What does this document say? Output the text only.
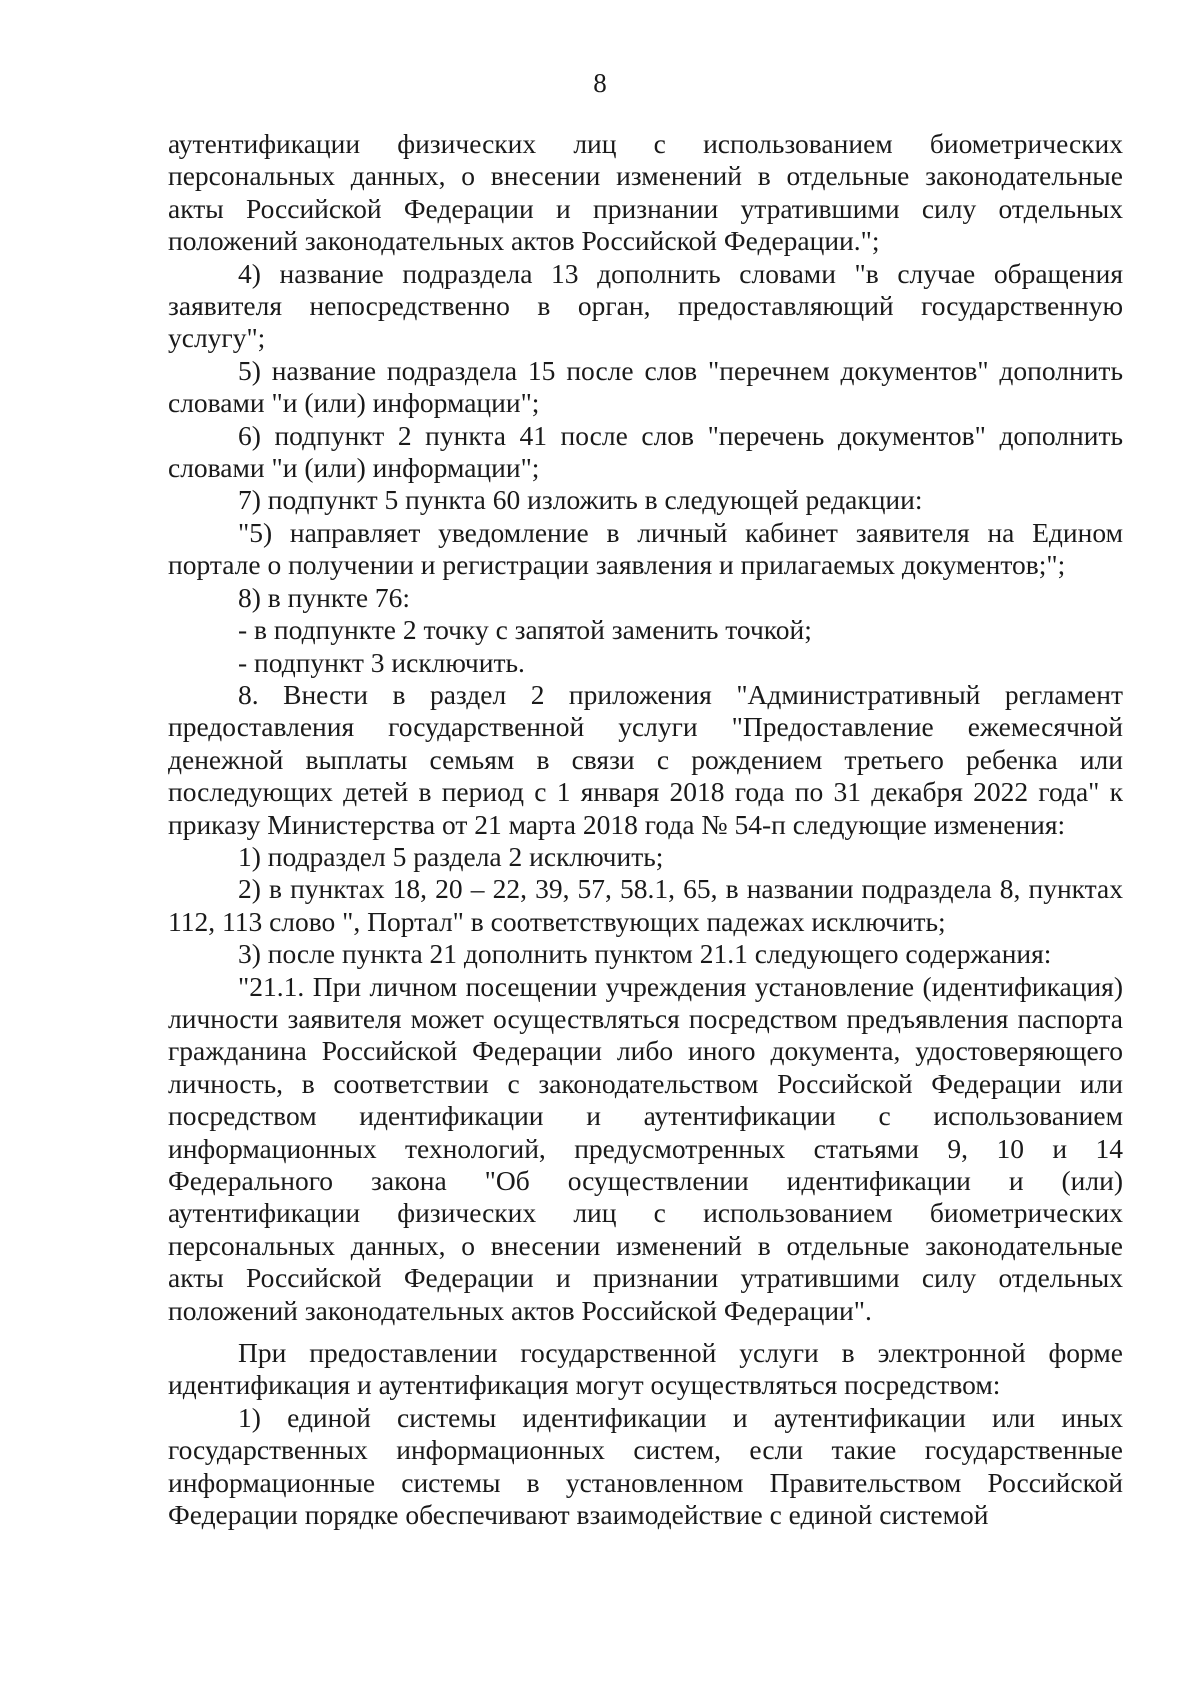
8

аутентификации физических лиц с использованием биометрических персональных данных, о внесении изменений в отдельные законодательные акты Российской Федерации и признании утратившими силу отдельных положений законодательных актов Российской Федерации.";

4) название подраздела 13 дополнить словами "в случае обращения заявителя непосредственно в орган, предоставляющий государственную услугу";

5) название подраздела 15 после слов "перечнем документов" дополнить словами "и (или) информации";

6) подпункт 2 пункта 41 после слов "перечень документов" дополнить словами "и (или) информации";

7) подпункт 5 пункта 60 изложить в следующей редакции:

"5) направляет уведомление в личный кабинет заявителя на Едином портале о получении и регистрации заявления и прилагаемых документов;";

8) в пункте 76:

- в подпункте 2 точку с запятой заменить точкой;

- подпункт 3 исключить.

8. Внести в раздел 2 приложения "Административный регламент предоставления государственной услуги "Предоставление ежемесячной денежной выплаты семьям в связи с рождением третьего ребенка или последующих детей в период с 1 января 2018 года по 31 декабря 2022 года" к приказу Министерства от 21 марта 2018 года № 54-п следующие изменения:

1) подраздел 5 раздела 2 исключить;

2) в пунктах 18, 20 – 22, 39, 57, 58.1, 65, в названии подраздела 8, пунктах 112, 113 слово ", Портал" в соответствующих падежах исключить;

3) после пункта 21 дополнить пунктом 21.1 следующего содержания:

"21.1. При личном посещении учреждения установление (идентификация) личности заявителя может осуществляться посредством предъявления паспорта гражданина Российской Федерации либо иного документа, удостоверяющего личность, в соответствии с законодательством Российской Федерации или посредством идентификации и аутентификации с использованием информационных технологий, предусмотренных статьями 9, 10 и 14 Федерального закона "Об осуществлении идентификации и (или) аутентификации физических лиц с использованием биометрических персональных данных, о внесении изменений в отдельные законодательные акты Российской Федерации и признании утратившими силу отдельных положений законодательных актов Российской Федерации".

При предоставлении государственной услуги в электронной форме идентификация и аутентификация могут осуществляться посредством:

1) единой системы идентификации и аутентификации или иных государственных информационных систем, если такие государственные информационные системы в установленном Правительством Российской Федерации порядке обеспечивают взаимодействие с единой системой
